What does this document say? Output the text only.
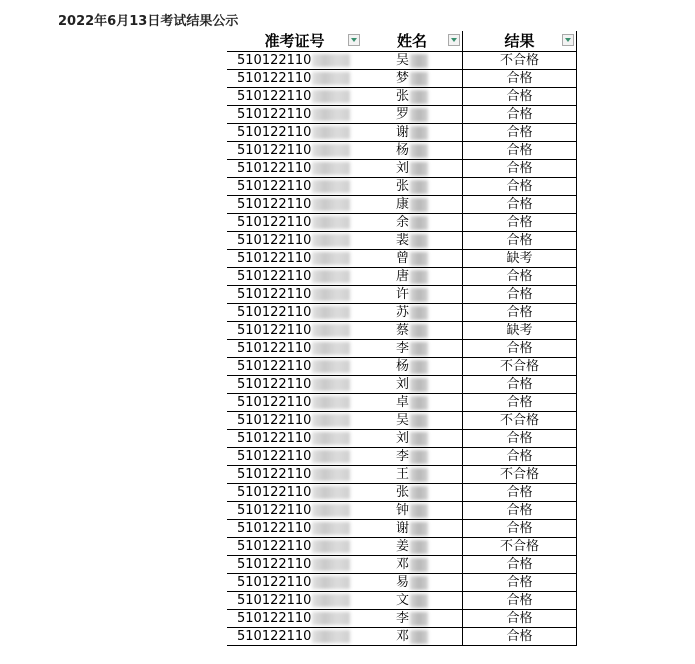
2022年6月13日考试结果公示
准考证号	姓名	结果

510122110	吴	不合格
510122110	梦	合格
510122110	张	合格
510122110	罗	合格
510122110	谢	合格
510122110	杨	合格
510122110	刘	合格
510122110	张	合格
510122110	康	合格
510122110	余	合格
510122110	裴	合格
510122110	曾	缺考
510122110	唐	合格
510122110	许	合格
510122110	苏	合格
510122110	蔡	缺考
510122110	李	合格
510122110	杨	不合格
510122110	刘	合格
510122110	卓	合格
510122110	吴	不合格
510122110	刘	合格
510122110	李	合格
510122110	王	不合格
510122110	张	合格
510122110	钟	合格
510122110	谢	合格
510122110	姜	不合格
510122110	邓	合格
510122110	易	合格
510122110	文	合格
510122110	李	合格
510122110	邓	合格
